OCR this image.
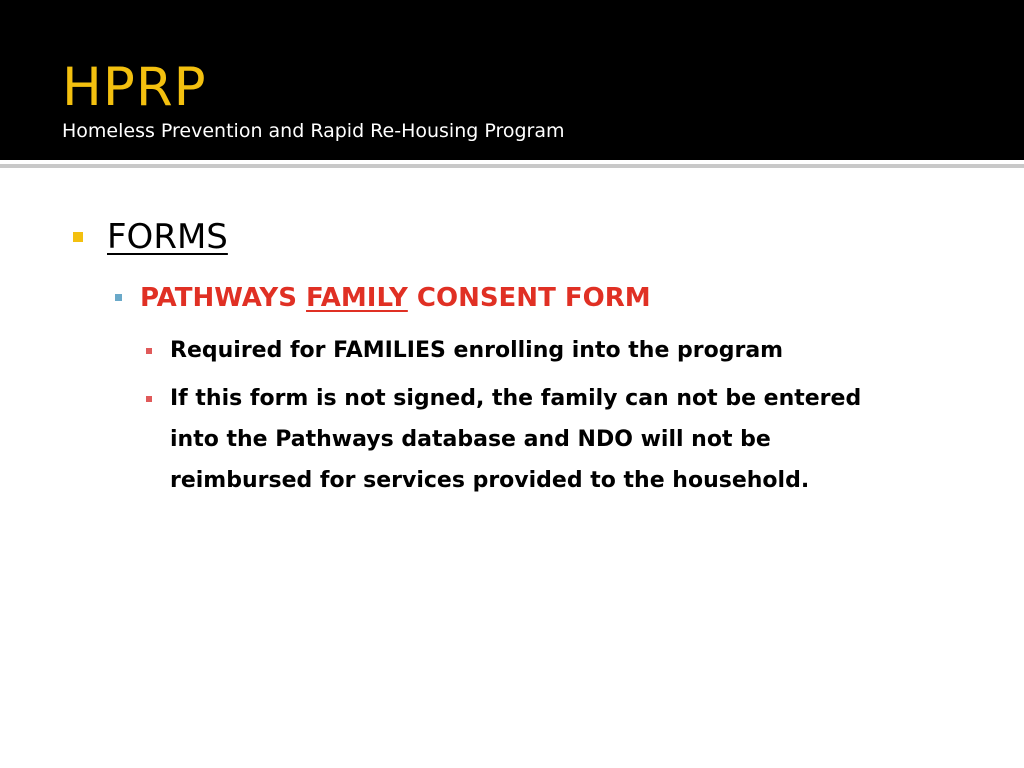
HPRP

Homeless Prevention and Rapid Re-Housing Program

FORMS
PATHWAYS FAMILY CONSENT FORM
Required for FAMILIES enrolling into the program
If this form is not signed, the family can not be entered
into the Pathways database and NDO will not be
reimbursed for services provided to the household.
